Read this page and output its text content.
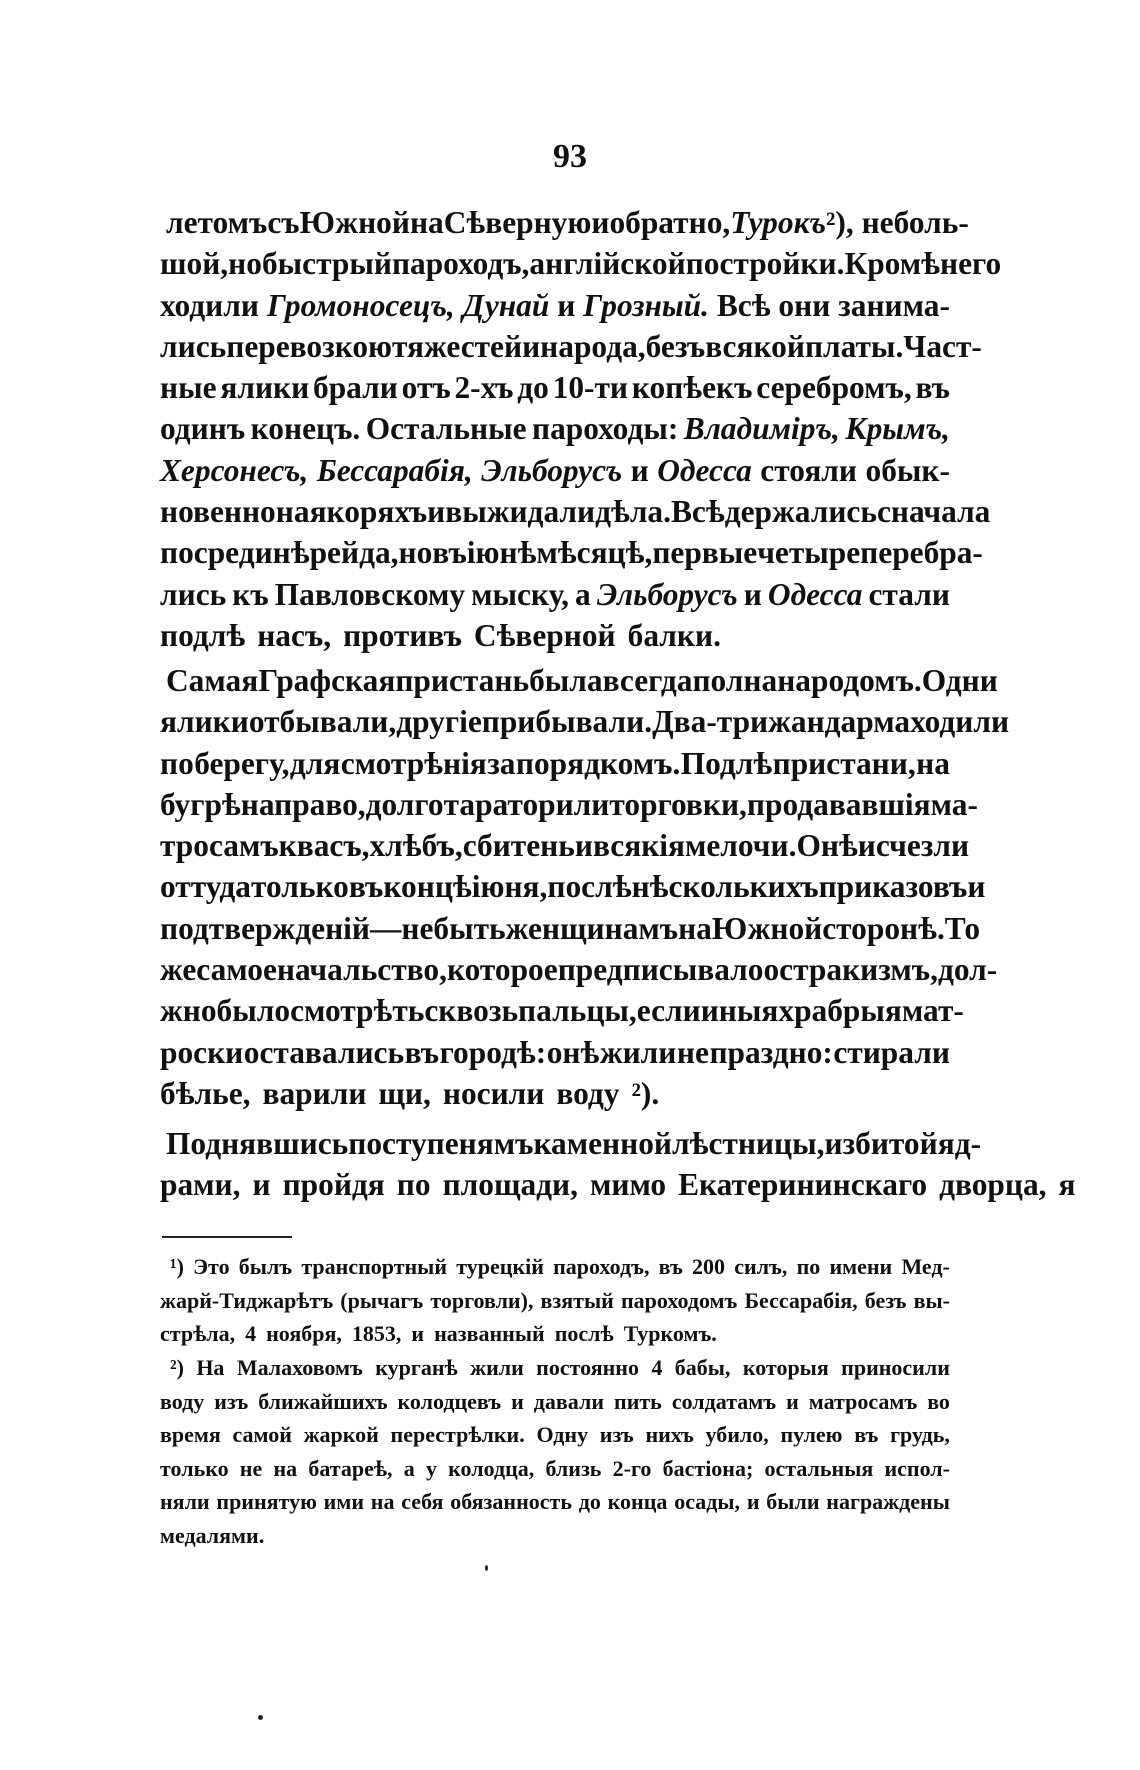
93
летомъ съ Южной на Сѣверную и обратно, Турокъ ²), неболь-
шой, но быстрый пароходъ, англійской постройки. Кромѣ него
ходили Громоносецъ, Дунай и Грозный. Всѣ они занима-
лись перевозкою тяжестей и народа, безъ всякой платы. Част-
ные ялики брали отъ 2-хъ до 10-ти копѣекъ серебромъ, въ
одинъ конецъ. Остальные пароходы: Владиміръ, Крымъ,
Херсонесъ, Бессарабія, Эльборусъ и Одесса стояли обык-
новенно на якоряхъ и выжидали дѣла. Всѣ держались сначала
посрединѣ рейда, но въ іюнѣ мѣсяцѣ, первые четыре перебра-
лись къ Павловскому мыску, а Эльборусъ и Одесса стали
подлѣ насъ, противъ Сѣверной балки.
Самая Графская пристань была всегда полна народомъ. Одни
ялики отбывали, другіе прибывали. Два-три жандарма ходили
по берегу, для смотрѣнія за порядкомъ. Подлѣ пристани, на
бугрѣ направо, долго тараторили торговки, продававшія ма-
тросамъ квасъ, хлѣбъ, сбитень и всякія мелочи. Онѣ исчезли
оттуда только въ концѣ іюня, послѣ нѣсколькихъ приказовъ и
подтвержденій — не быть женщинамъ на Южной сторонѣ. То
же самое начальство, которое предписывало остракизмъ, дол-
жно было смотрѣть сквозь пальцы, если иныя храбрыя мат-
роски оставались въ городѣ: онѣ жили не праздно: стирали
бѣлье, варили щи, носили воду ²).
Поднявшись по ступенямъ каменной лѣстницы, избитой яд-
рами, и пройдя по площади, мимо Екатерининскаго дворца, я
¹) Это былъ транспортный турецкій пароходъ, въ 200 силъ, по имени Мед-
жарй-Тиджарѣтъ (рычагъ торговли), взятый пароходомъ Бессарабія, безъ вы-
стрѣла, 4 ноября, 1853, и названный послѣ Туркомъ.
²) На Малаховомъ курганѣ жили постоянно 4 бабы, которыя приносили
воду изъ ближайшихъ колодцевъ и давали пить солдатамъ и матросамъ во
время самой жаркой перестрѣлки. Одну изъ нихъ убило, пулею въ грудь,
только не на батареѣ, а у колодца, близь 2-го бастіона; остальныя испол-
няли принятую ими на себя обязанность до конца осады, и были награждены
медалями.
